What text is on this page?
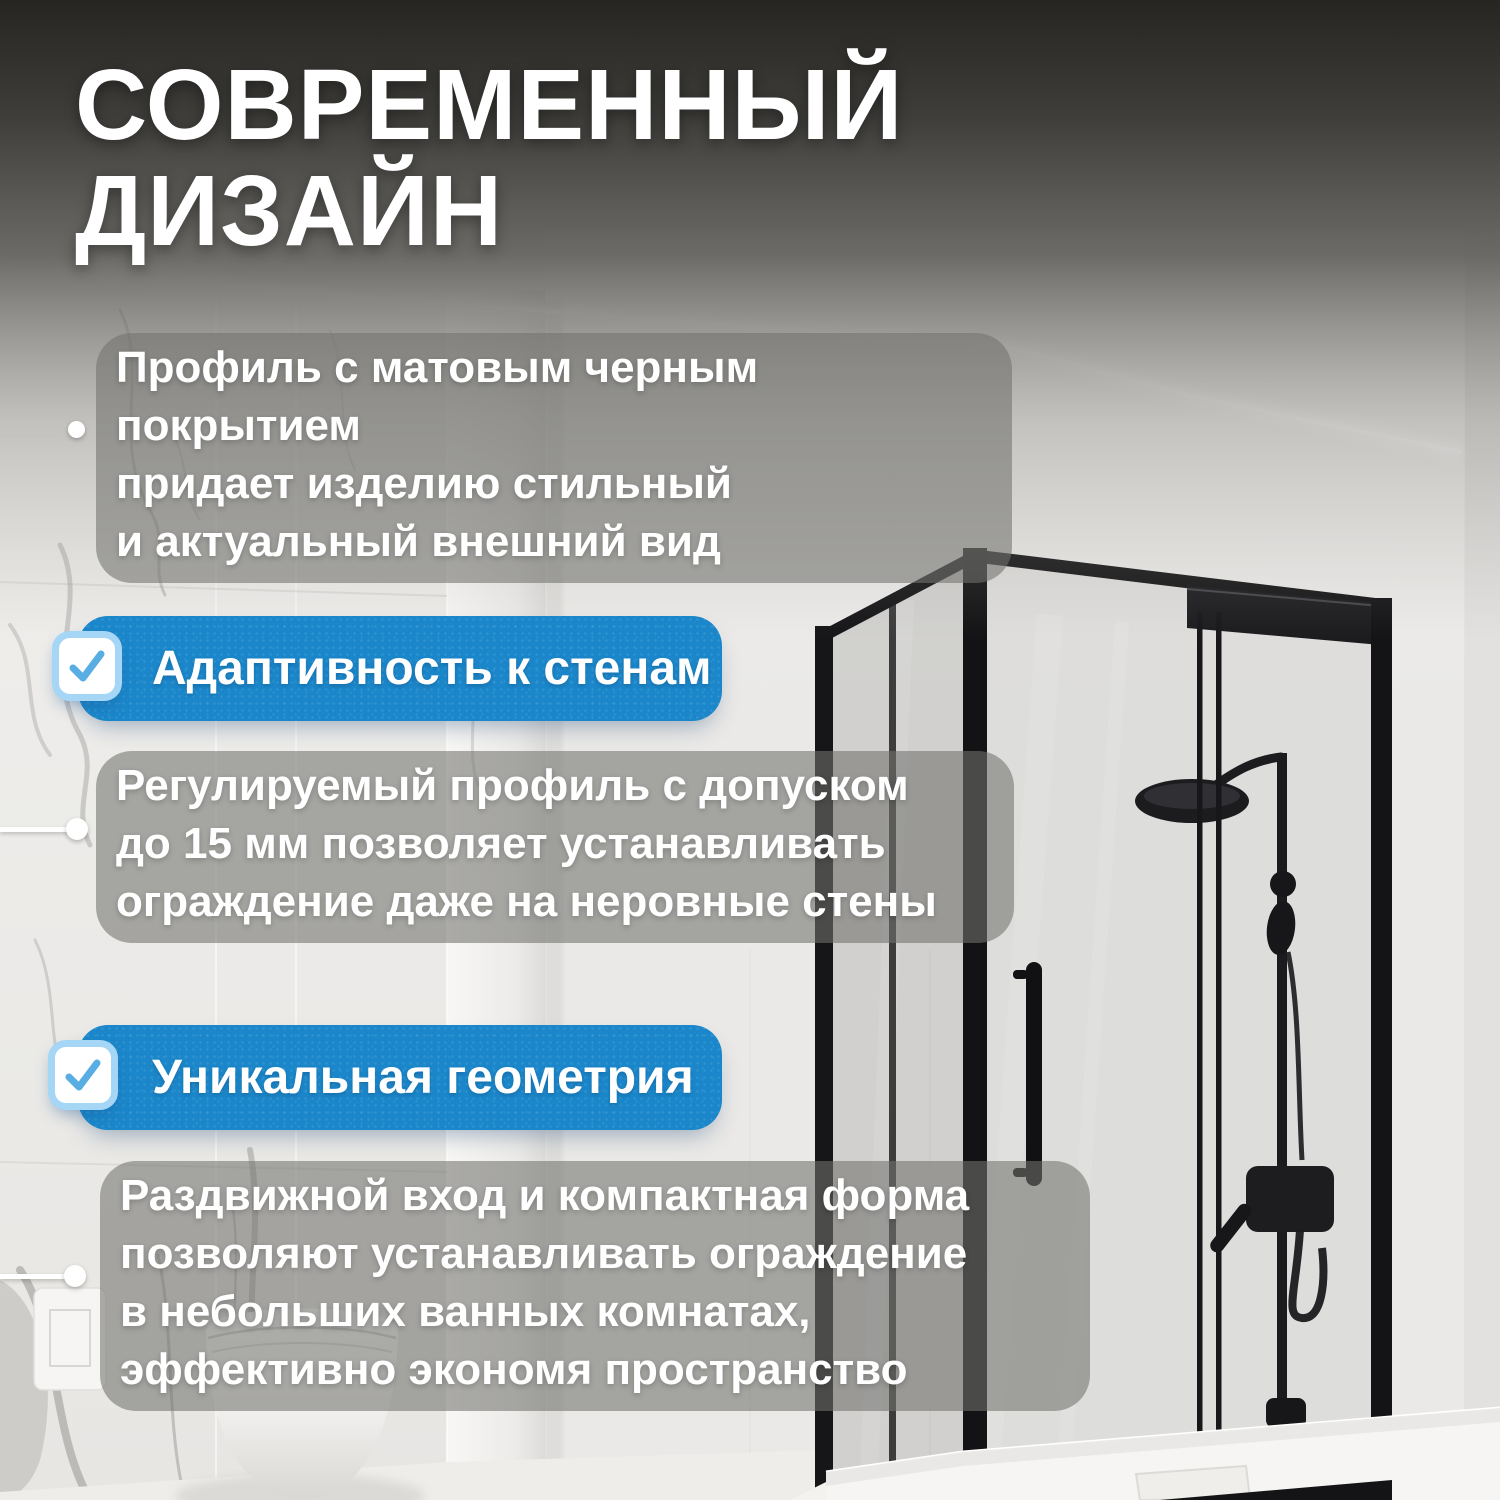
СОВРЕМЕННЫЙ
ДИЗАЙН
Профиль с матовым черным покрытием
придает изделию стильный
и актуальный внешний вид
Адаптивность к стенам
Регулируемый профиль с допуском
до 15 мм позволяет устанавливать
ограждение даже на неровные стены
Уникальная геометрия
Раздвижной вход и компактная форма
позволяют устанавливать ограждение
в небольших ванных комнатах,
эффективно экономя пространство
